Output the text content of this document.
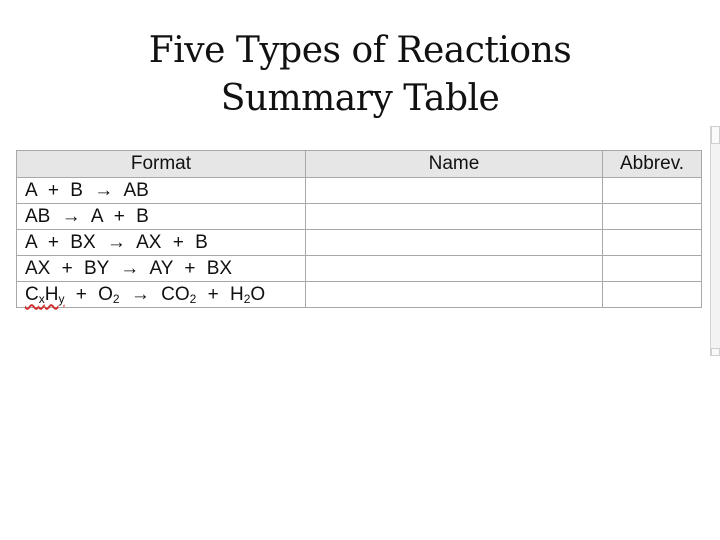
Five Types of Reactions
Summary Table
Format	Name	Abbrev.
A + B → AB		
AB → A + B		
A + BX → AX + B		
AX + BY → AY + BX		
$C_xH_y + O_2 \to CO_2 + H_2O$		
